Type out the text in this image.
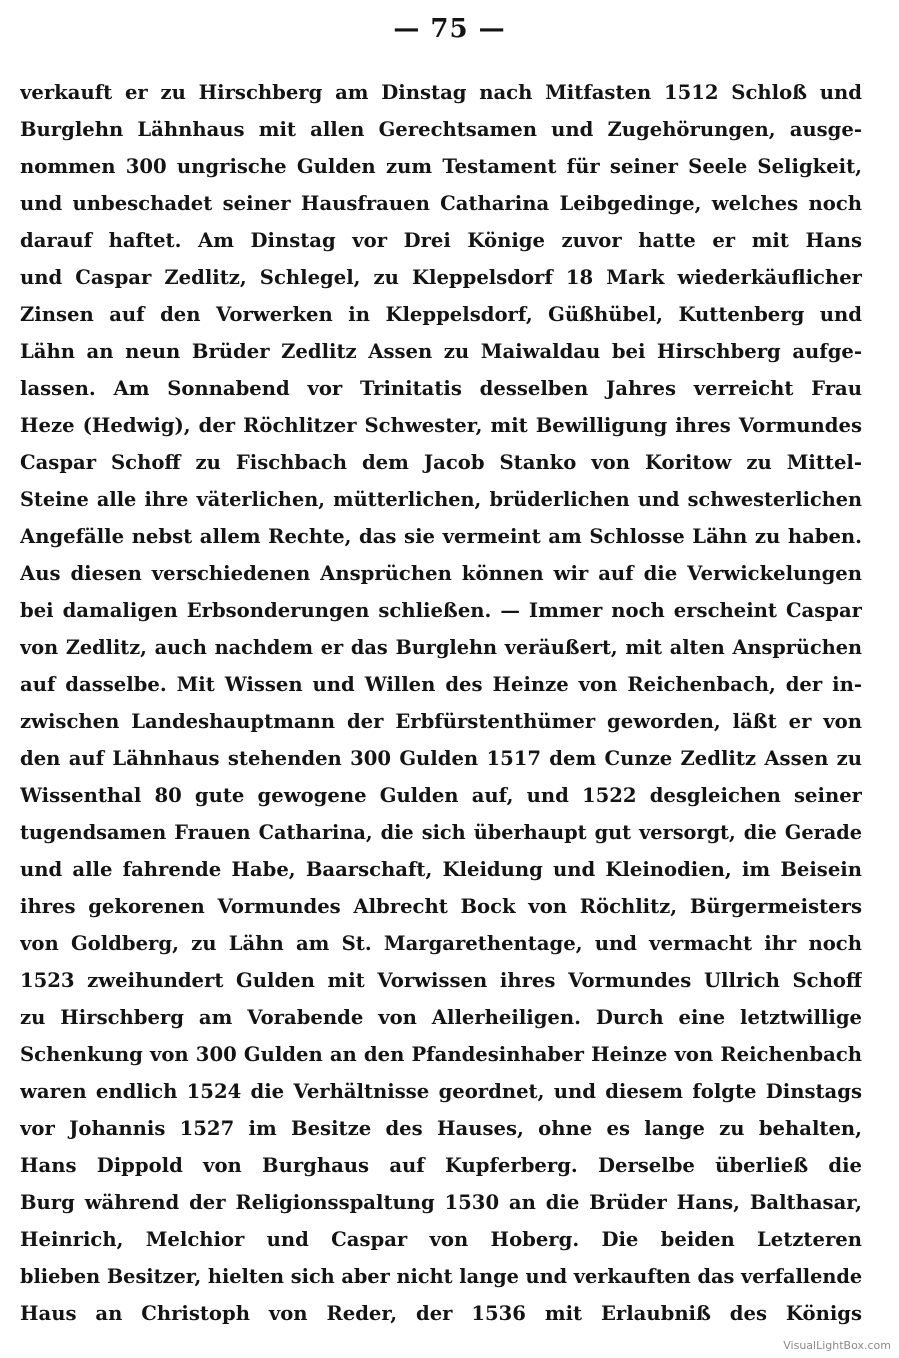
— 75 —
verkauft er zu Hirschberg am Dinstag nach Mitfasten 1512 Schloß und
Burglehn Lähnhaus mit allen Gerechtsamen und Zugehörungen, ausge-
nommen 300 ungrische Gulden zum Testament für seiner Seele Seligkeit,
und unbeschadet seiner Hausfrauen Catharina Leibgedinge, welches noch
darauf haftet. Am Dinstag vor Drei Könige zuvor hatte er mit Hans
und Caspar Zedlitz, Schlegel, zu Kleppelsdorf 18 Mark wiederkäuflicher
Zinsen auf den Vorwerken in Kleppelsdorf, Güßhübel, Kuttenberg und
Lähn an neun Brüder Zedlitz Assen zu Maiwaldau bei Hirschberg aufge-
lassen. Am Sonnabend vor Trinitatis desselben Jahres verreicht Frau
Heze (Hedwig), der Röchlitzer Schwester, mit Bewilligung ihres Vormundes
Caspar Schoff zu Fischbach dem Jacob Stanko von Koritow zu Mittel-
Steine alle ihre väterlichen, mütterlichen, brüderlichen und schwesterlichen
Angefälle nebst allem Rechte, das sie vermeint am Schlosse Lähn zu haben.
Aus diesen verschiedenen Ansprüchen können wir auf die Verwickelungen
bei damaligen Erbsonderungen schließen. — Immer noch erscheint Caspar
von Zedlitz, auch nachdem er das Burglehn veräußert, mit alten Ansprüchen
auf dasselbe. Mit Wissen und Willen des Heinze von Reichenbach, der in-
zwischen Landeshauptmann der Erbfürstenthümer geworden, läßt er von
den auf Lähnhaus stehenden 300 Gulden 1517 dem Cunze Zedlitz Assen zu
Wissenthal 80 gute gewogene Gulden auf, und 1522 desgleichen seiner
tugendsamen Frauen Catharina, die sich überhaupt gut versorgt, die Gerade
und alle fahrende Habe, Baarschaft, Kleidung und Kleinodien, im Beisein
ihres gekorenen Vormundes Albrecht Bock von Röchlitz, Bürgermeisters
von Goldberg, zu Lähn am St. Margarethentage, und vermacht ihr noch
1523 zweihundert Gulden mit Vorwissen ihres Vormundes Ullrich Schoff
zu Hirschberg am Vorabende von Allerheiligen. Durch eine letztwillige
Schenkung von 300 Gulden an den Pfandesinhaber Heinze von Reichenbach
waren endlich 1524 die Verhältnisse geordnet, und diesem folgte Dinstags
vor Johannis 1527 im Besitze des Hauses, ohne es lange zu behalten,
Hans Dippold von Burghaus auf Kupferberg. Derselbe überließ die
Burg während der Religionsspaltung 1530 an die Brüder Hans, Balthasar,
Heinrich, Melchior und Caspar von Hoberg. Die beiden Letzteren
blieben Besitzer, hielten sich aber nicht lange und verkauften das verfallende
Haus an Christoph von Reder, der 1536 mit Erlaubniß des Königs
VisualLightBox.com
